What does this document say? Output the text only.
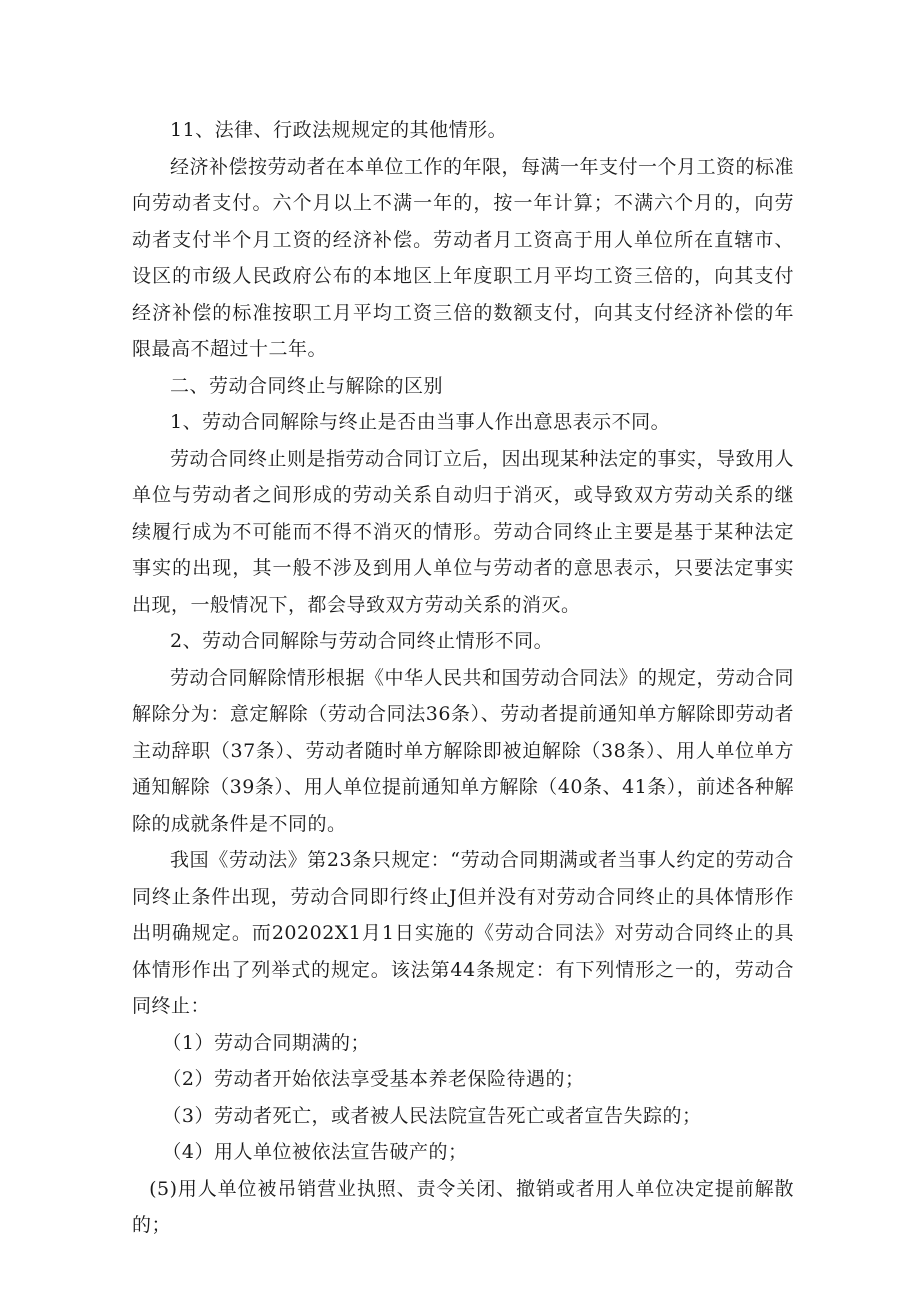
11、法律、行政法规规定的其他情形。

经济补偿按劳动者在本单位工作的年限，每满一年支付一个月工资的标准向劳动者支付。六个月以上不满一年的，按一年计算；不满六个月的，向劳动者支付半个月工资的经济补偿。劳动者月工资高于用人单位所在直辖市、设区的市级人民政府公布的本地区上年度职工月平均工资三倍的，向其支付经济补偿的标准按职工月平均工资三倍的数额支付，向其支付经济补偿的年限最高不超过十二年。

二、劳动合同终止与解除的区别

1、劳动合同解除与终止是否由当事人作出意思表示不同。

劳动合同终止则是指劳动合同订立后，因出现某种法定的事实，导致用人单位与劳动者之间形成的劳动关系自动归于消灭，或导致双方劳动关系的继续履行成为不可能而不得不消灭的情形。劳动合同终止主要是基于某种法定事实的出现，其一般不涉及到用人单位与劳动者的意思表示，只要法定事实出现，一般情况下，都会导致双方劳动关系的消灭。

2、劳动合同解除与劳动合同终止情形不同。

劳动合同解除情形根据《中华人民共和国劳动合同法》的规定，劳动合同解除分为：意定解除（劳动合同法36条）、劳动者提前通知单方解除即劳动者主动辞职（37条）、劳动者随时单方解除即被迫解除（38条）、用人单位单方通知解除（39条）、用人单位提前通知单方解除（40条、41条），前述各种解除的成就条件是不同的。

我国《劳动法》第23条只规定：“劳动合同期满或者当事人约定的劳动合同终止条件出现，劳动合同即行终止J但并没有对劳动合同终止的具体情形作出明确规定。而20202X1月1日实施的《劳动合同法》对劳动合同终止的具体情形作出了列举式的规定。该法第44条规定：有下列情形之一的，劳动合同终止：

（1）劳动合同期满的；

（2）劳动者开始依法享受基本养老保险待遇的；

（3）劳动者死亡，或者被人民法院宣告死亡或者宣告失踪的；

（4）用人单位被依法宣告破产的；

(5)用人单位被吊销营业执照、责令关闭、撤销或者用人单位决定提前解散的；
